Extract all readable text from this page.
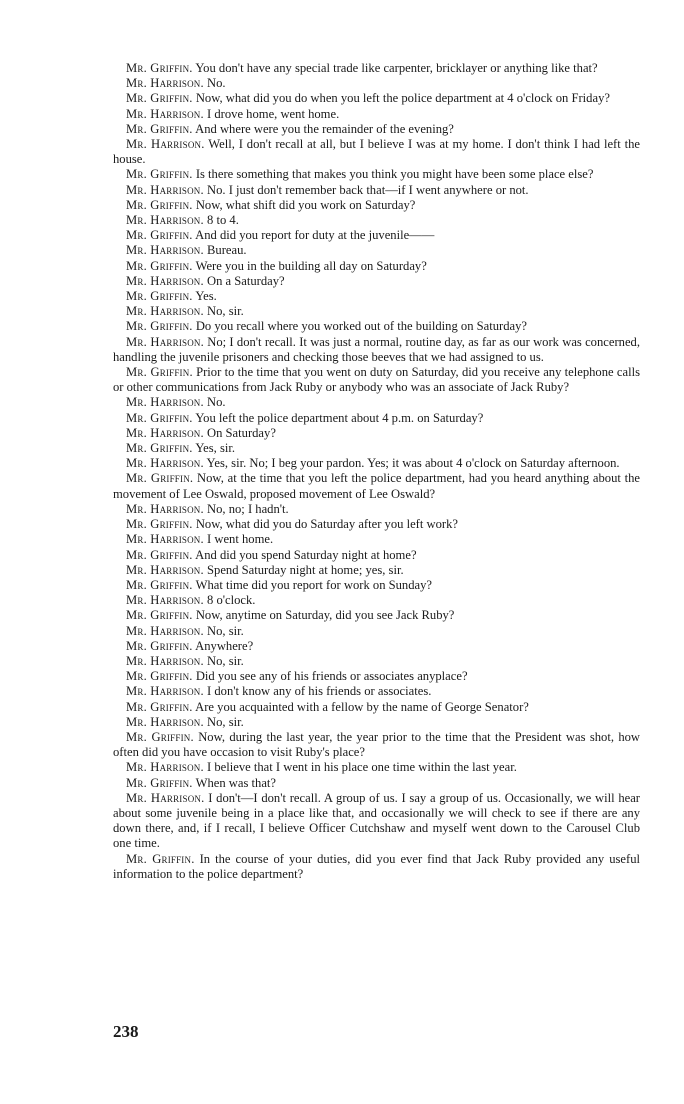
Mr. Griffin. You don't have any special trade like carpenter, bricklayer or anything like that?

Mr. Harrison. No.

Mr. Griffin. Now, what did you do when you left the police department at 4 o'clock on Friday?

Mr. Harrison. I drove home, went home.

Mr. Griffin. And where were you the remainder of the evening?

Mr. Harrison. Well, I don't recall at all, but I believe I was at my home. I don't think I had left the house.

Mr. Griffin. Is there something that makes you think you might have been some place else?

Mr. Harrison. No. I just don't remember back that—if I went anywhere or not.

Mr. Griffin. Now, what shift did you work on Saturday?

Mr. Harrison. 8 to 4.

Mr. Griffin. And did you report for duty at the juvenile——

Mr. Harrison. Bureau.

Mr. Griffin. Were you in the building all day on Saturday?

Mr. Harrison. On a Saturday?

Mr. Griffin. Yes.

Mr. Harrison. No, sir.

Mr. Griffin. Do you recall where you worked out of the building on Saturday?

Mr. Harrison. No; I don't recall. It was just a normal, routine day, as far as our work was concerned, handling the juvenile prisoners and checking those beeves that we had assigned to us.

Mr. Griffin. Prior to the time that you went on duty on Saturday, did you receive any telephone calls or other communications from Jack Ruby or anybody who was an associate of Jack Ruby?

Mr. Harrison. No.

Mr. Griffin. You left the police department about 4 p.m. on Saturday?

Mr. Harrison. On Saturday?

Mr. Griffin. Yes, sir.

Mr. Harrison. Yes, sir. No; I beg your pardon. Yes; it was about 4 o'clock on Saturday afternoon.

Mr. Griffin. Now, at the time that you left the police department, had you heard anything about the movement of Lee Oswald, proposed movement of Lee Oswald?

Mr. Harrison. No, no; I hadn't.

Mr. Griffin. Now, what did you do Saturday after you left work?

Mr. Harrison. I went home.

Mr. Griffin. And did you spend Saturday night at home?

Mr. Harrison. Spend Saturday night at home; yes, sir.

Mr. Griffin. What time did you report for work on Sunday?

Mr. Harrison. 8 o'clock.

Mr. Griffin. Now, anytime on Saturday, did you see Jack Ruby?

Mr. Harrison. No, sir.

Mr. Griffin. Anywhere?

Mr. Harrison. No, sir.

Mr. Griffin. Did you see any of his friends or associates anyplace?

Mr. Harrison. I don't know any of his friends or associates.

Mr. Griffin. Are you acquainted with a fellow by the name of George Senator?

Mr. Harrison. No, sir.

Mr. Griffin. Now, during the last year, the year prior to the time that the President was shot, how often did you have occasion to visit Ruby's place?

Mr. Harrison. I believe that I went in his place one time within the last year.

Mr. Griffin. When was that?

Mr. Harrison. I don't—I don't recall. A group of us. I say a group of us. Occasionally, we will hear about some juvenile being in a place like that, and occasionally we will check to see if there are any down there, and, if I recall, I believe Officer Cutchshaw and myself went down to the Carousel Club one time.

Mr. Griffin. In the course of your duties, did you ever find that Jack Ruby provided any useful information to the police department?

238
